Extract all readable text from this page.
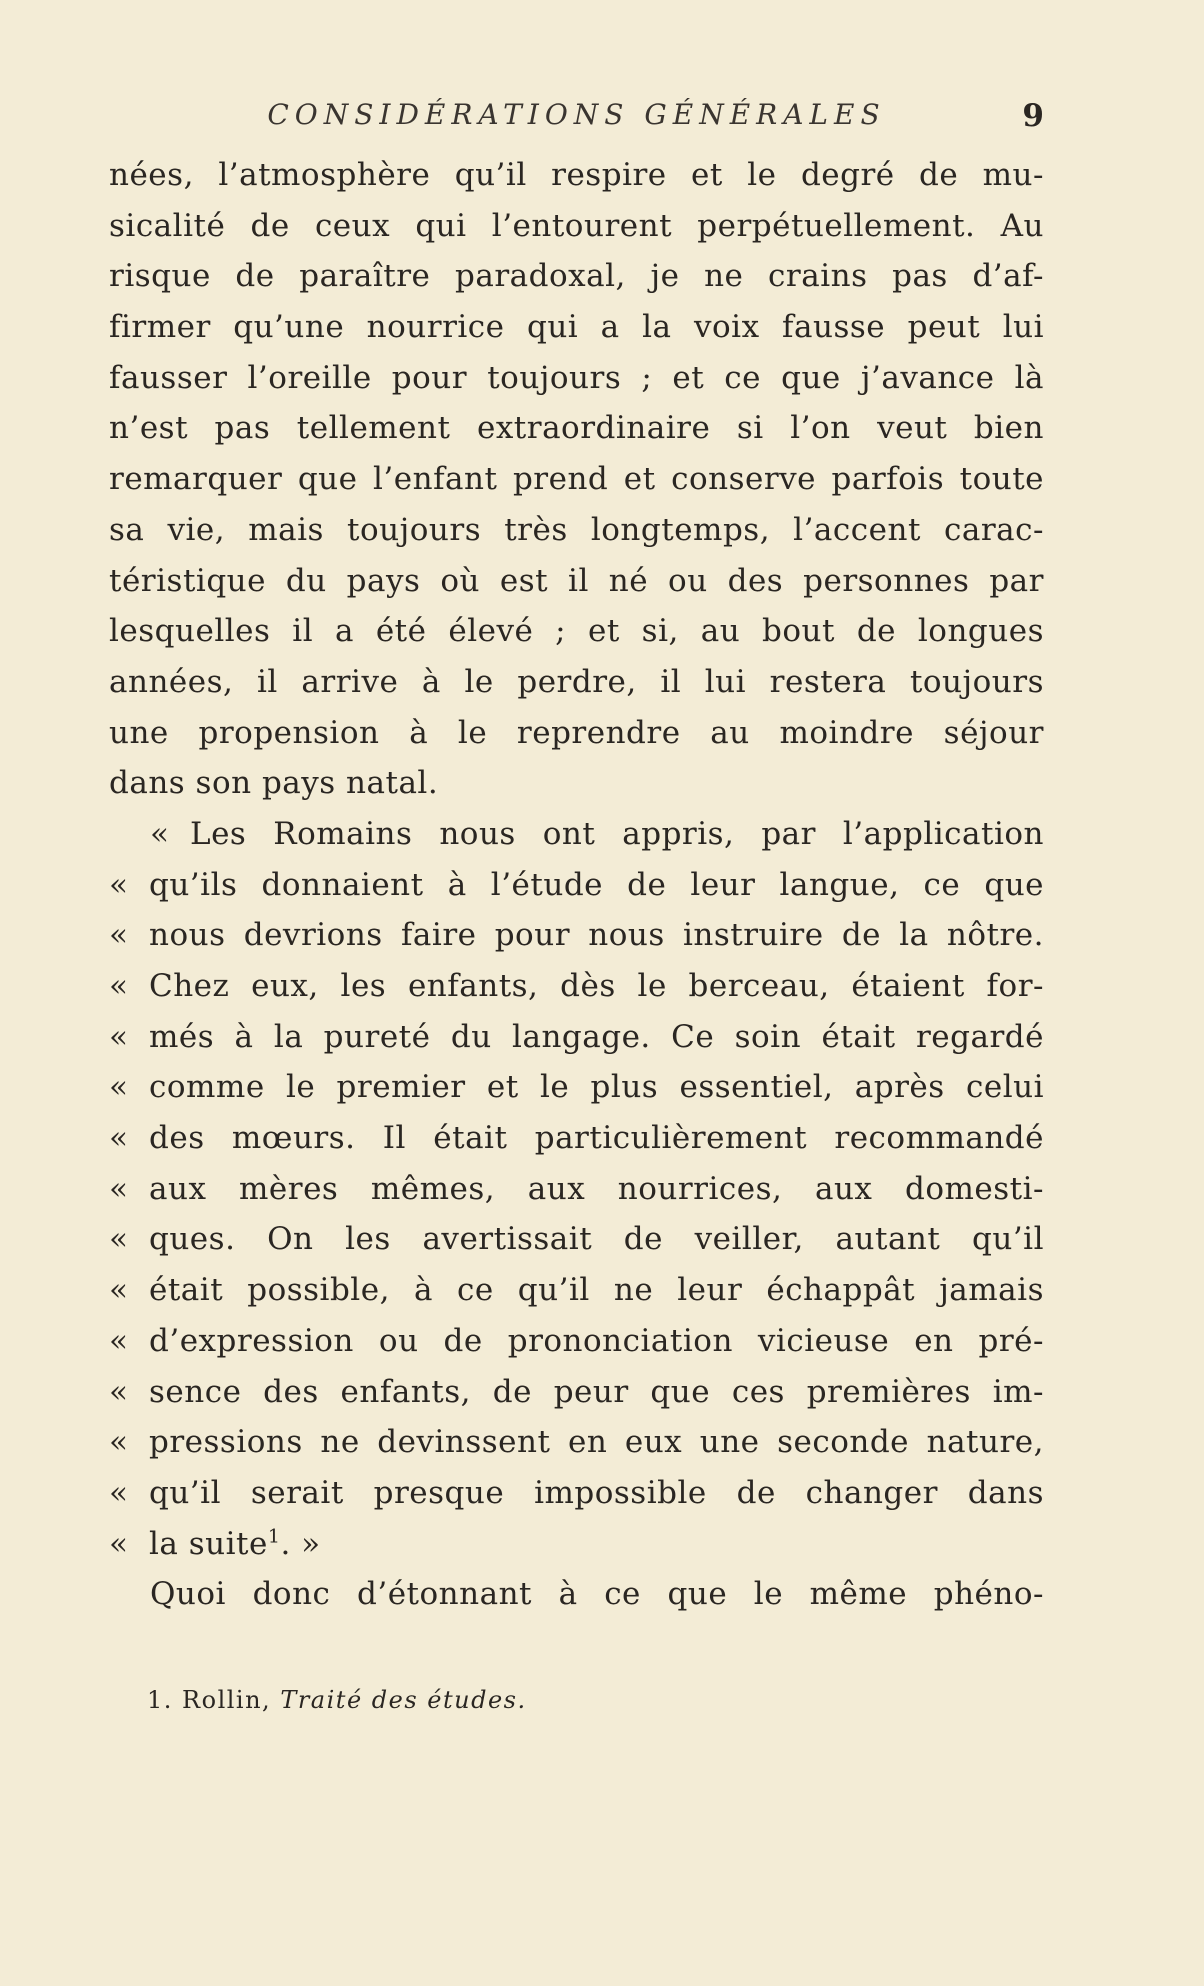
CONSIDÉRATIONS GÉNÉRALES	9
nées, l’atmosphère qu’il respire et le degré de mu-
sicalité de ceux qui l’entourent perpétuellement. Au
risque de paraître paradoxal, je ne crains pas d’af-
firmer qu’une nourrice qui a la voix fausse peut lui
fausser l’oreille pour toujours ; et ce que j’avance là
n’est pas tellement extraordinaire si l’on veut bien
remarquer que l’enfant prend et conserve parfois toute
sa vie, mais toujours très longtemps, l’accent carac-
téristique du pays où est il né ou des personnes par
lesquelles il a été élevé ; et si, au bout de longues
années, il arrive à le perdre, il lui restera toujours
une propension à le reprendre au moindre séjour
dans son pays natal.
« Les Romains nous ont appris, par l’application
« qu’ils donnaient à l’étude de leur langue, ce que
« nous devrions faire pour nous instruire de la nôtre.
« Chez eux, les enfants, dès le berceau, étaient for-
« més à la pureté du langage. Ce soin était regardé
« comme le premier et le plus essentiel, après celui
« des mœurs. Il était particulièrement recommandé
« aux mères mêmes, aux nourrices, aux domesti-
« ques. On les avertissait de veiller, autant qu’il
« était possible, à ce qu’il ne leur échappât jamais
« d’expression ou de prononciation vicieuse en pré-
« sence des enfants, de peur que ces premières im-
« pressions ne devinssent en eux une seconde nature,
« qu’il serait presque impossible de changer dans
« la suite$^1$. »
Quoi donc d’étonnant à ce que le même phéno-
1. Rollin, Traité des études.
